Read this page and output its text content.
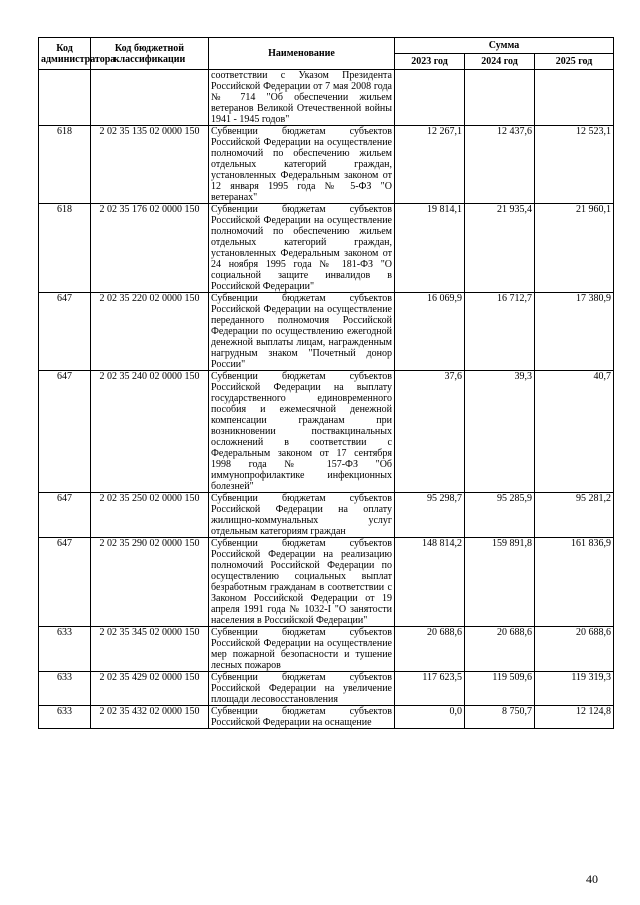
Код администратора	Код бюджетной классификации	Наименование	Сумма		
			2023 год	2024 год	2025 год
		соответствии с Указом Президента Российской Федерации от 7 мая 2008 года № 714 "Об обеспечении жильем ветеранов Великой Отечественной войны 1941 - 1945 годов"			
618	2 02 35 135 02 0000 150	Субвенции бюджетам субъектов Российской Федерации на осуществление полномочий по обеспечению жильем отдельных категорий граждан, установленных Федеральным законом от 12 января 1995 года № 5-ФЗ "О ветеранах"	12 267,1	12 437,6	12 523,1
618	2 02 35 176 02 0000 150	Субвенции бюджетам субъектов Российской Федерации на осуществление полномочий по обеспечению жильем отдельных категорий граждан, установленных Федеральным законом от 24 ноября 1995 года № 181-ФЗ "О социальной защите инвалидов в Российской Федерации"	19 814,1	21 935,4	21 960,1
647	2 02 35 220 02 0000 150	Субвенции бюджетам субъектов Российской Федерации на осуществление переданного полномочия Российской Федерации по осуществлению ежегодной денежной выплаты лицам, награжденным нагрудным знаком "Почетный донор России"	16 069,9	16 712,7	17 380,9
647	2 02 35 240 02 0000 150	Субвенции бюджетам субъектов Российской Федерации на выплату государственного единовременного пособия и ежемесячной денежной компенсации гражданам при возникновении поствакцинальных осложнений в соответствии с Федеральным законом от 17 сентября 1998 года № 157-ФЗ "Об иммунопрофилактике инфекционных болезней"	37,6	39,3	40,7
647	2 02 35 250 02 0000 150	Субвенции бюджетам субъектов Российской Федерации на оплату жилищно-коммунальных услуг отдельным категориям граждан	95 298,7	95 285,9	95 281,2
647	2 02 35 290 02 0000 150	Субвенции бюджетам субъектов Российской Федерации на реализацию полномочий Российской Федерации по осуществлению социальных выплат безработным гражданам в соответствии с Законом Российской Федерации от 19 апреля 1991 года № 1032-I "О занятости населения в Российской Федерации"	148 814,2	159 891,8	161 836,9
633	2 02 35 345 02 0000 150	Субвенции бюджетам субъектов Российской Федерации на осуществление мер пожарной безопасности и тушение лесных пожаров	20 688,6	20 688,6	20 688,6
633	2 02 35 429 02 0000 150	Субвенции бюджетам субъектов Российской Федерации на увеличение площади лесовосстановления	117 623,5	119 509,6	119 319,3
633	2 02 35 432 02 0000 150	Субвенции бюджетам субъектов Российской Федерации на оснащение	0,0	8 750,7	12 124,8
40
